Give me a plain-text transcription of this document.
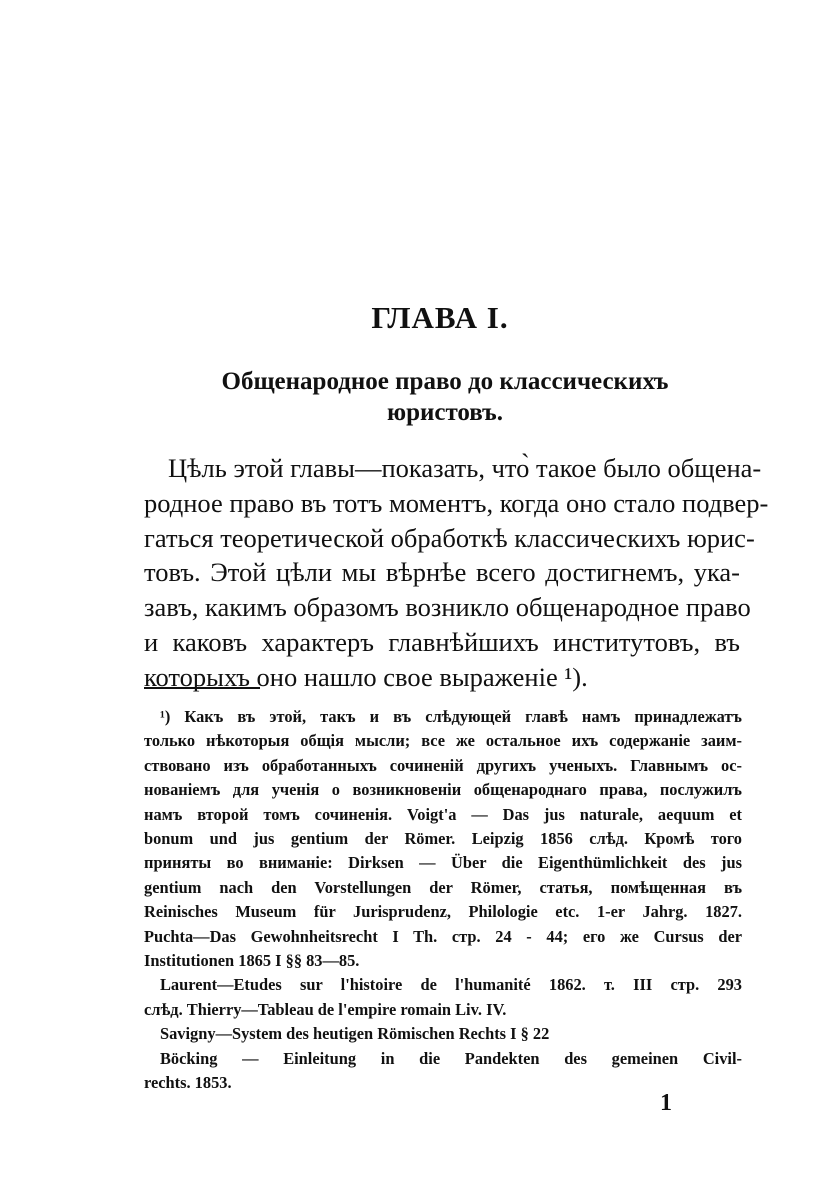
ГЛАВА I.
Общенародное право до классическихъ
юристовъ.

Цѣль этой главы—показать, что̀ такое было общена-
родное право въ тотъ моментъ, когда оно стало подвер-
гаться теоретической обработкѣ классическихъ юрис-
товъ. Этой цѣли мы вѣрнѣе всего достигнемъ, ука-
завъ, какимъ образомъ возникло общенародное право
и каковъ характеръ главнѣйшихъ институтовъ, въ
которыхъ оно нашло свое выраженіе ¹).

¹) Какъ въ этой, такъ и въ слѣдующей главѣ намъ принадлежатъ
только нѣкоторыя общія мысли; все же остальное ихъ содержаніе заим-
ствовано изъ обработанныхъ сочиненій другихъ ученыхъ. Главнымъ ос-
нованіемъ для ученія о возникновеніи общенароднаго права, послужилъ
намъ второй томъ сочиненія. Voigt'a — Das jus naturale, aequum et
bonum und jus gentium der Römer. Leipzig 1856 слѣд. Кромѣ того
приняты во вниманіе: Dirksen — Über die Eigenthümlichkeit des jus
gentium nach den Vorstellungen der Römer, статья, помѣщенная въ
Reinisches Museum für Jurisprudenz, Philologie etc. 1-er Jahrg. 1827.
Puchta—Das Gewohnheitsrecht I Th. стр. 24 - 44; его же Cursus der
Institutionen 1865 I §§ 83—85.
Laurent—Etudes sur l'histoire de l'humanité 1862. т. III стр. 293
слѣд. Thierry—Tableau de l'empire romain Liv. IV.
Savigny—System des heutigen Römischen Rechts I § 22
Böcking — Einleitung in die Pandekten des gemeinen Civil-
rechts. 1853.
1
